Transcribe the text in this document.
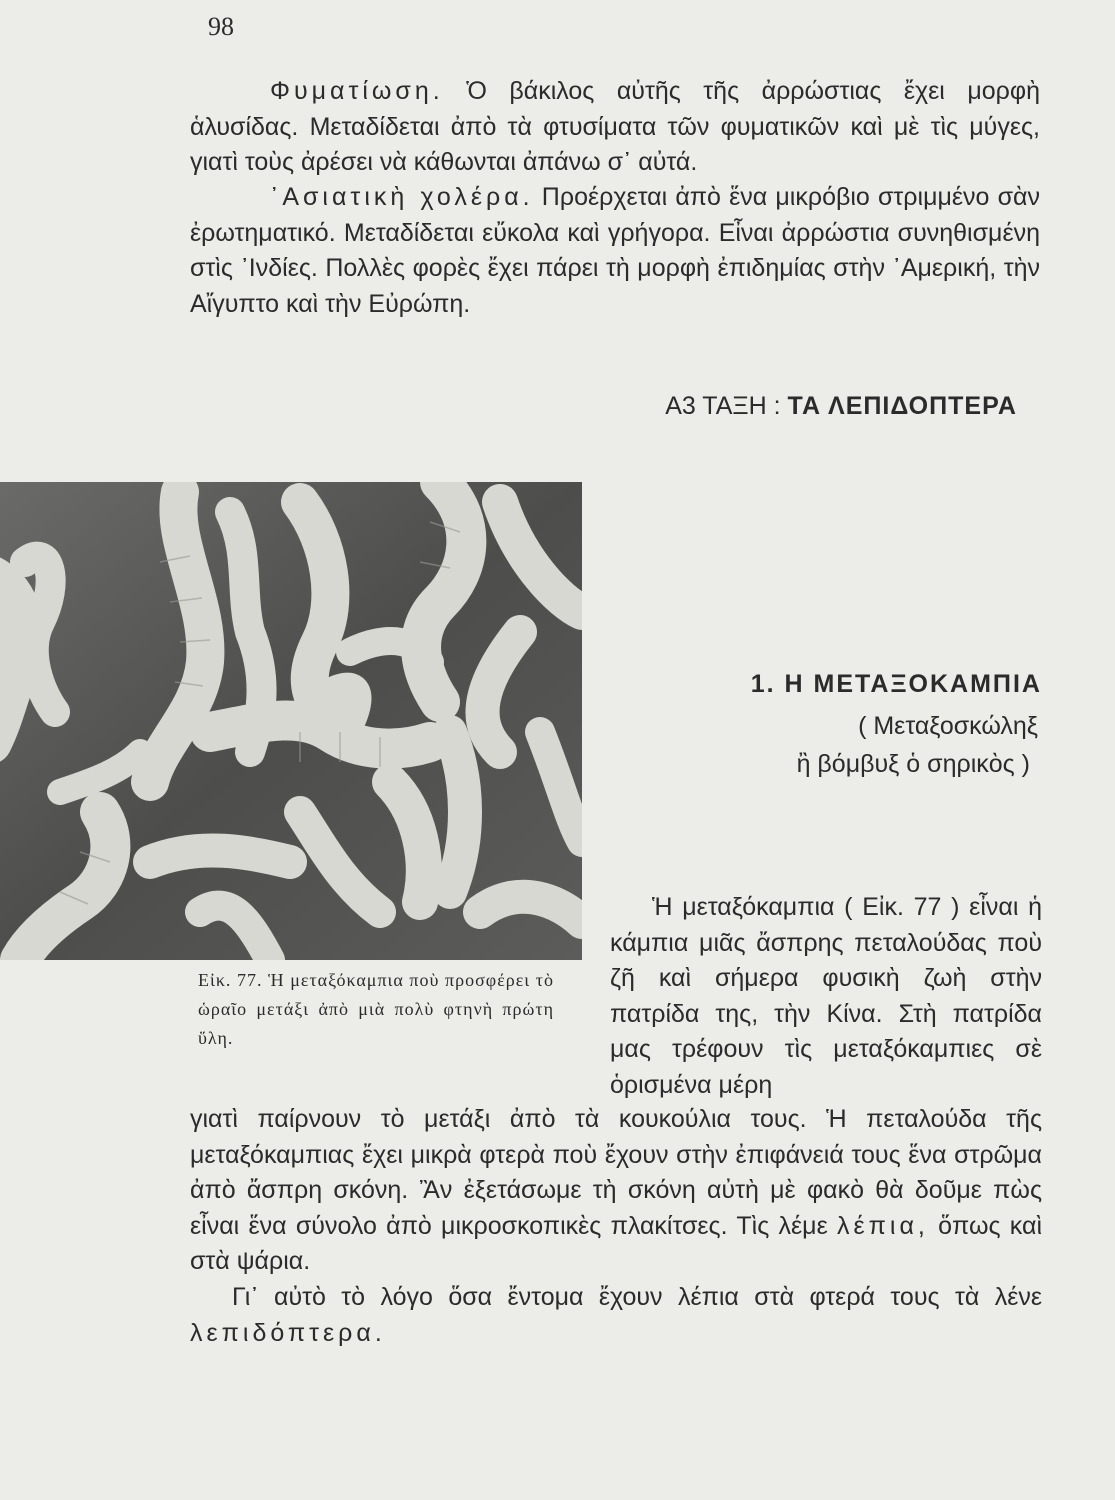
98

Φυματίωση. Ὁ βάκιλος αὐτῆς τῆς ἀρρώστιας ἔχει μορφὴ ἁλυσίδας. Μεταδίδεται ἀπὸ τὰ φτυσίματα τῶν φυματικῶν καὶ μὲ τὶς μύγες, γιατὶ τοὺς ἀρέσει νὰ κάθωνται ἀπάνω σ᾿ αὐτά.

᾿Ασιατικὴ χολέρα. Προέρχεται ἀπὸ ἕνα μικρόβιο στριμμένο σὰν ἐρωτηματικό. Μεταδίδεται εὔκολα καὶ γρήγορα. Εἶναι ἀρρώστια συνηθισμένη στὶς ᾿Ινδίες. Πολλὲς φορὲς ἔχει πάρει τὴ μορφὴ ἐπιδημίας στὴν ᾿Αμερική, τὴν Αἴγυπτο καὶ τὴν Εὐρώπη.

Α3 ΤΑΞΗ : ΤΑ ΛΕΠΙΔΟΠΤΕΡΑ

Εἰκ. 77. Ἡ μεταξόκαμπια ποὺ προσφέρει τὸ ὡραῖο μετάξι ἀπὸ μιὰ πολὺ φτηνὴ πρώτη ὕλη.

1. Η ΜΕΤΑΞΟΚΑΜΠΙΑ

( Μεταξοσκώληξ

ἢ βόμβυξ ὁ σηρικὸς )

Ἡ μεταξόκαμπια ( Εἰκ. 77 ) εἶναι ἡ κάμπια μιᾶς ἄσπρης πεταλούδας ποὺ ζῆ καὶ σήμερα φυσικὴ ζωὴ στὴν πατρίδα της, τὴν Κίνα. Στὴ πατρίδα μας τρέφουν τὶς μεταξόκαμπιες σὲ ὁρισμένα μέρη

γιατὶ παίρνουν τὸ μετάξι ἀπὸ τὰ κουκούλια τους. Ἡ πεταλούδα τῆς μεταξόκαμπιας ἔχει μικρὰ φτερὰ ποὺ ἔχουν στὴν ἐπιφάνειά τους ἕνα στρῶμα ἀπὸ ἄσπρη σκόνη. Ἂν ἐξετάσωμε τὴ σκόνη αὐτὴ μὲ φακὸ θὰ δοῦμε πὼς εἶναι ἕνα σύνολο ἀπὸ μικροσκοπικὲς πλακίτσες. Τὶς λέμε λέπια, ὅπως καὶ στὰ ψάρια.

Γι᾿ αὐτὸ τὸ λόγο ὅσα ἔντομα ἔχουν λέπια στὰ φτερά τους τὰ λένε λεπιδόπτερα.
